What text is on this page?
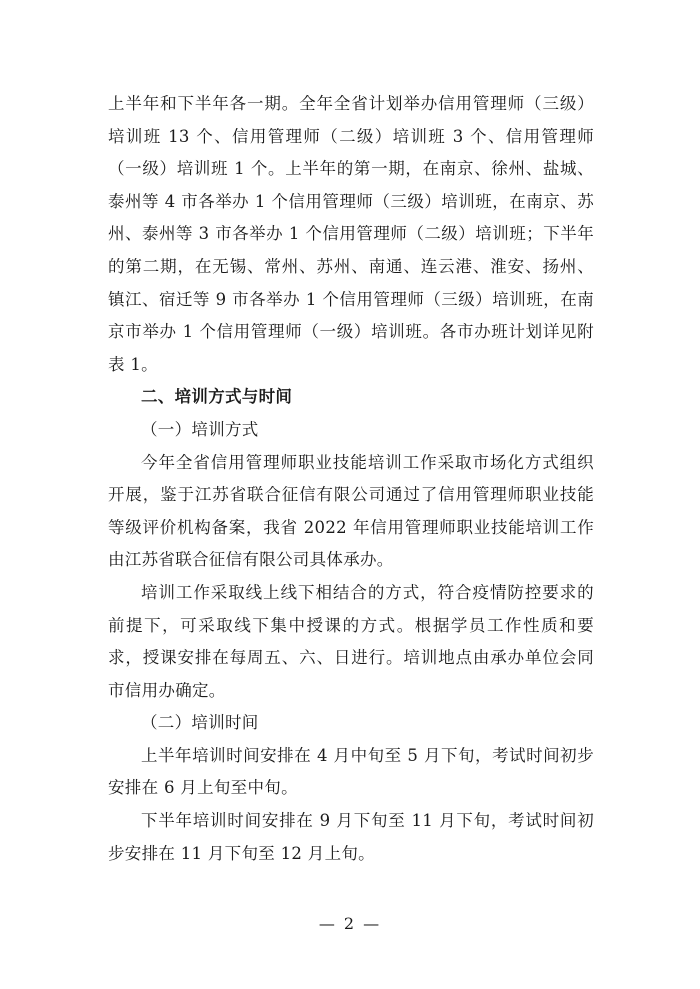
上半年和下半年各一期。全年全省计划举办信用管理师（三级）培训班 13 个、信用管理师（二级）培训班 3 个、信用管理师（一级）培训班 1 个。上半年的第一期，在南京、徐州、盐城、泰州等 4 市各举办 1 个信用管理师（三级）培训班，在南京、苏州、泰州等 3 市各举办 1 个信用管理师（二级）培训班；下半年的第二期，在无锡、常州、苏州、南通、连云港、淮安、扬州、镇江、宿迁等 9 市各举办 1 个信用管理师（三级）培训班，在南京市举办 1 个信用管理师（一级）培训班。各市办班计划详见附表 1。

二、培训方式与时间

（一）培训方式

今年全省信用管理师职业技能培训工作采取市场化方式组织开展，鉴于江苏省联合征信有限公司通过了信用管理师职业技能等级评价机构备案，我省 2022 年信用管理师职业技能培训工作由江苏省联合征信有限公司具体承办。

培训工作采取线上线下相结合的方式，符合疫情防控要求的前提下，可采取线下集中授课的方式。根据学员工作性质和要求，授课安排在每周五、六、日进行。培训地点由承办单位会同市信用办确定。

（二）培训时间

上半年培训时间安排在 4 月中旬至 5 月下旬，考试时间初步安排在 6 月上旬至中旬。

下半年培训时间安排在 9 月下旬至 11 月下旬，考试时间初步安排在 11 月下旬至 12 月上旬。

— 2 —
